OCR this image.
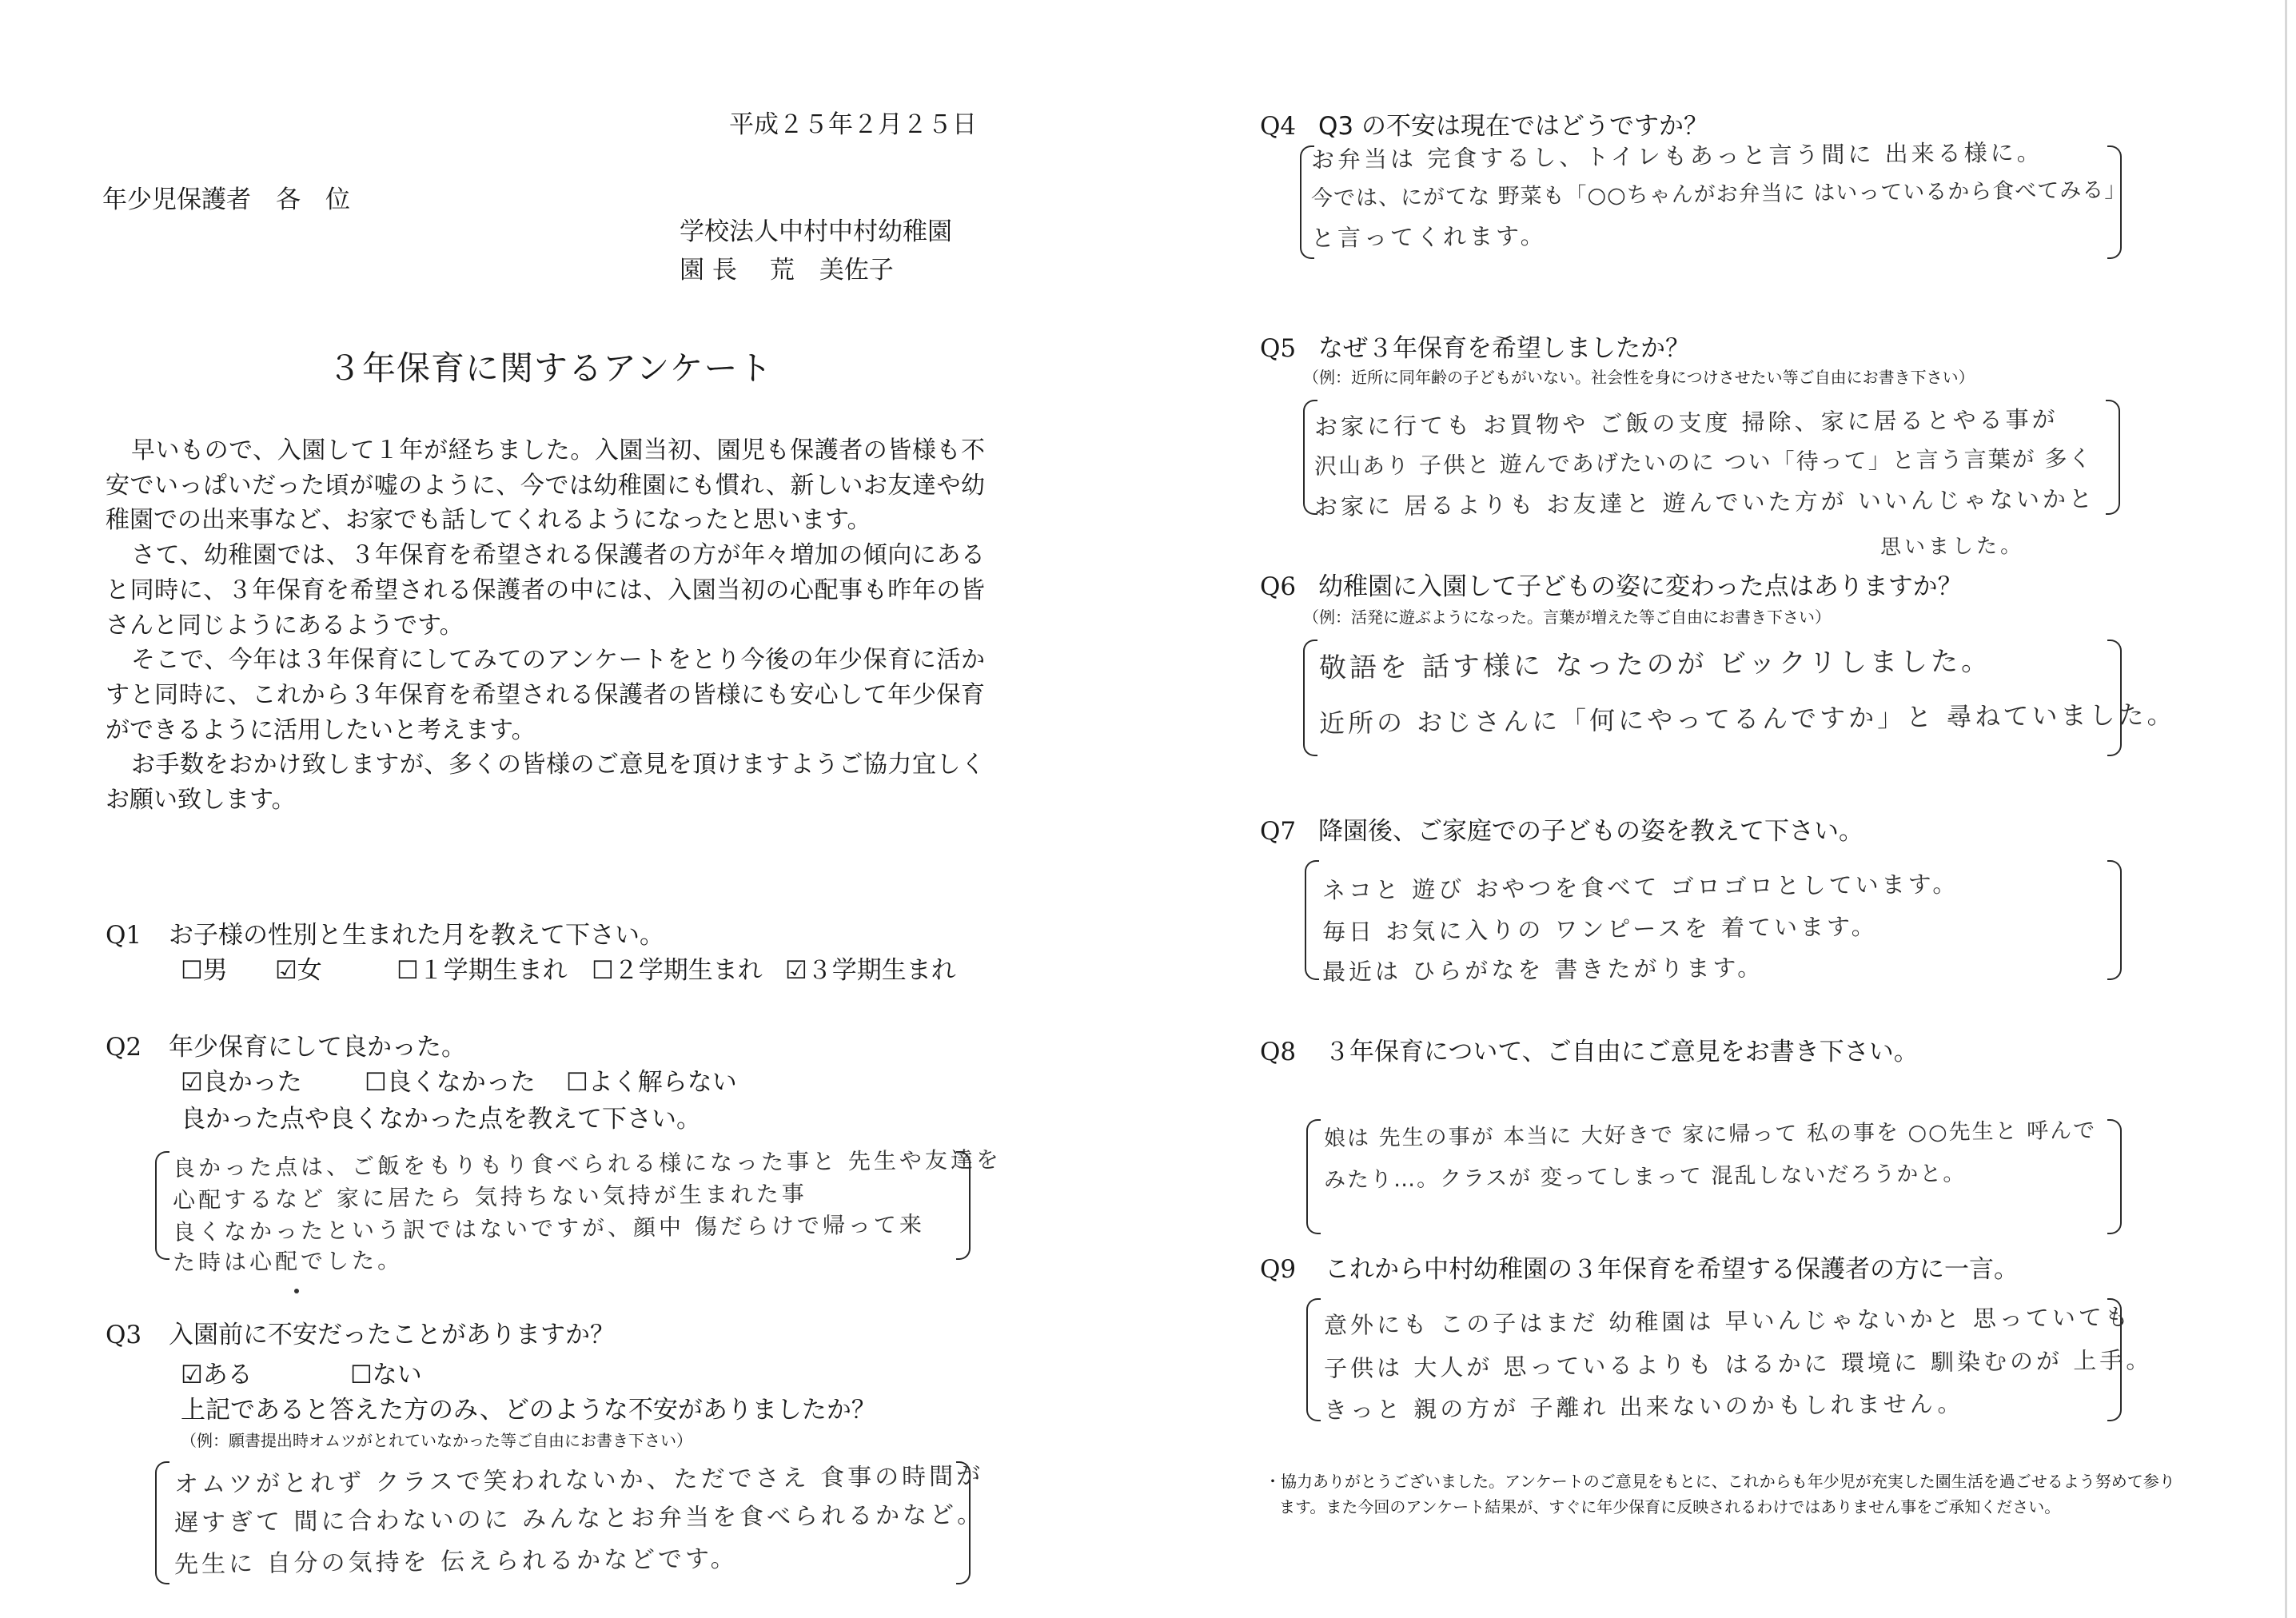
平成２５年２月２５日
年少児保護者　各　位
学校法人中村中村幼稚園
園 長　 荒　美佐子
３年保育に関するアンケート

早いもので、入園して１年が経ちました。入園当初、園児も保護者の皆様も不安でいっぱいだった頃が嘘のように、今では幼稚園にも慣れ、新しいお友達や幼稚園での出来事など、お家でも話してくれるようになったと思います。

さて、幼稚園では、３年保育を希望される保護者の方が年々増加の傾向にあると同時に、３年保育を希望される保護者の中には、入園当初の心配事も昨年の皆さんと同じようにあるようです。

そこで、今年は３年保育にしてみてのアンケートをとり今後の年少保育に活かすと同時に、これから３年保育を希望される保護者の皆様にも安心して年少保育ができるように活用したいと考えます。

お手数をおかけ致しますが、多くの皆様のご意見を頂けますようご協力宜しくお願い致します。

Q1 お子様の性別と生まれた月を教えて下さい。
☐男 ☑女	☐１学期生まれ ☐２学期生まれ ☑３学期生まれ
Q2 年少保育にして良かった。
☑良かった	☐良くなかった ☐よく解らない
良かった点や良くなかった点を教えて下さい。
良かった点は、ご飯をもりもり食べられる様になった事と 先生や友達を
心配するなど 家に居たら 気持ちない気持が生まれた事
良くなかったという訳ではないですが、顔中 傷だらけで帰って来
た時は心配でした。
Q3 入園前に不安だったことがありますか？
☑ある	☐ない
上記であると答えた方のみ、どのような不安がありましたか？
（例：願書提出時オムツがとれていなかった等ご自由にお書き下さい）
オムツがとれず クラスで笑われないか、ただでさえ 食事の時間が
遅すぎて 間に合わないのに みんなとお弁当を食べられるかなど。
先生に 自分の気持を 伝えられるかなどです。
Q4 Q3 の不安は現在ではどうですか？
お弁当は 完食するし、トイレもあっと言う間に 出来る様に。
今では、にがてな 野菜も「○○ちゃんがお弁当に はいっているから食べてみる」
と言ってくれます。
Q5 なぜ３年保育を希望しましたか？
（例：近所に同年齢の子どもがいない。社会性を身につけさせたい等ご自由にお書き下さい）
お家に行ても お買物や ご飯の支度 掃除、家に居るとやる事が
沢山あり 子供と 遊んであげたいのに つい「待って」と言う言葉が 多く
お家に 居るよりも お友達と 遊んでいた方が いいんじゃないかと
思いました。
Q6 幼稚園に入園して子どもの姿に変わった点はありますか？
（例：活発に遊ぶようになった。言葉が増えた等ご自由にお書き下さい）
敬語を 話す様に なったのが ビックリしました。
近所の おじさんに「何にやってるんですか」と 尋ねていました。
Q7 降園後、ご家庭での子どもの姿を教えて下さい。
ネコと 遊び おやつを食べて ゴロゴロとしています。
毎日 お気に入りの ワンピースを 着ています。
最近は ひらがなを 書きたがります。
Q8 ３年保育について、ご自由にご意見をお書き下さい。
娘は 先生の事が 本当に 大好きで 家に帰って 私の事を ○○先生と 呼んで
みたり…。クラスが 変ってしまって 混乱しないだろうかと。
Q9 これから中村幼稚園の３年保育を希望する保護者の方に一言。
意外にも この子はまだ 幼稚園は 早いんじゃないかと 思っていても
子供は 大人が 思っているよりも はるかに 環境に 馴染むのが 上手。
きっと 親の方が 子離れ 出来ないのかもしれません。
・協力ありがとうございました。アンケートのご意見をもとに、これからも年少児が充実した園生活を過ごせるよう努めて参り
ます。また今回のアンケート結果が、すぐに年少保育に反映されるわけではありません事をご承知ください。
